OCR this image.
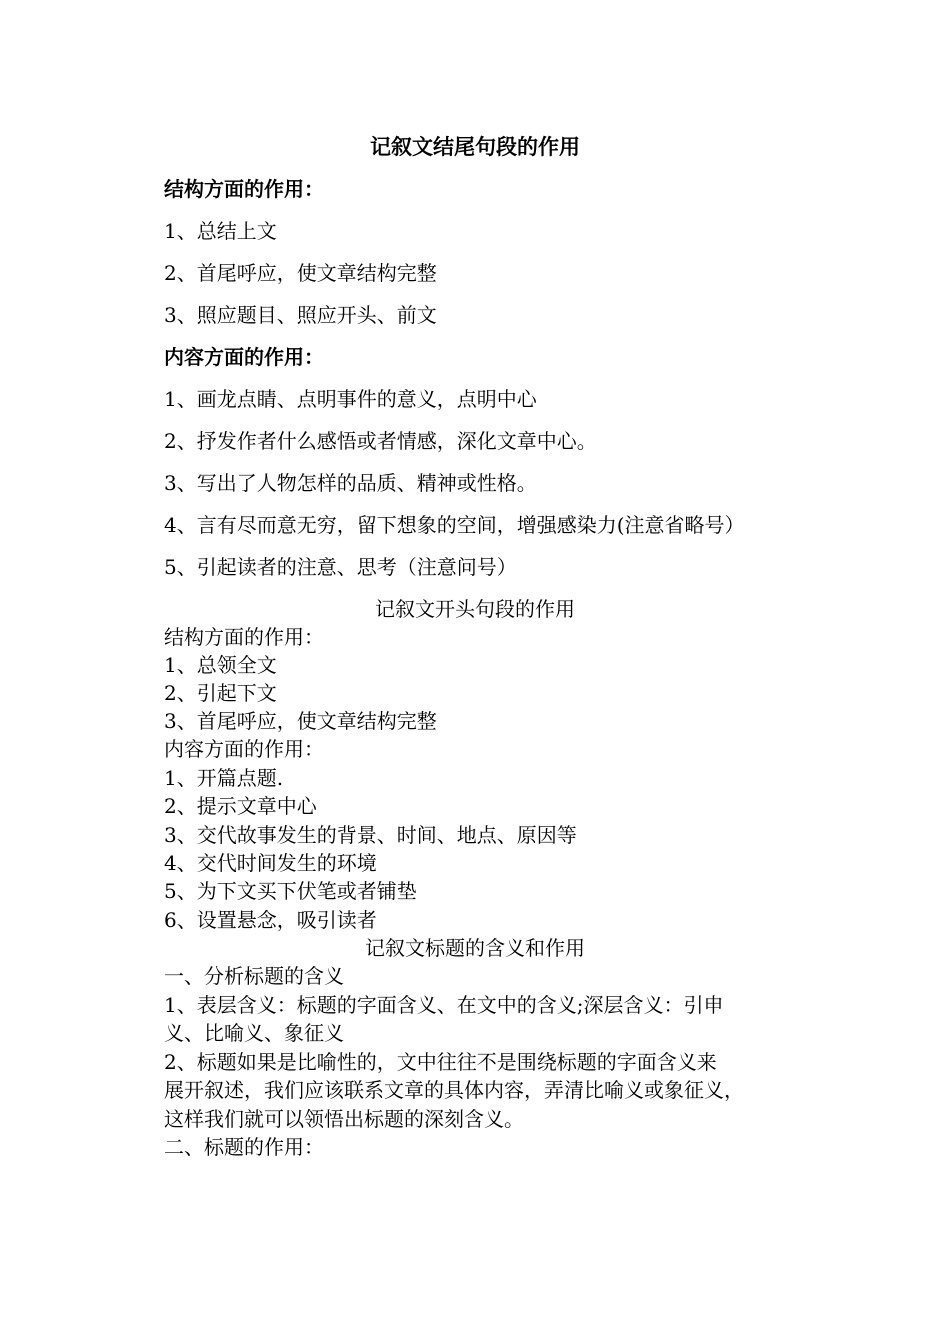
记叙文结尾句段的作用
结构方面的作用：
1、总结上文
2、首尾呼应，使文章结构完整
3、照应题目、照应开头、前文
内容方面的作用：
1、画龙点睛、点明事件的意义，点明中心
2、抒发作者什么感悟或者情感，深化文章中心。
3、写出了人物怎样的品质、精神或性格。
4、言有尽而意无穷，留下想象的空间，增强感染力(注意省略号）
5、引起读者的注意、思考（注意问号）
记叙文开头句段的作用
结构方面的作用：
1、总领全文
2、引起下文
3、首尾呼应，使文章结构完整
内容方面的作用：
1、开篇点题.
2、提示文章中心
3、交代故事发生的背景、时间、地点、原因等
4、交代时间发生的环境
5、为下文买下伏笔或者铺垫
6、设置悬念，吸引读者
记叙文标题的含义和作用
一、分析标题的含义
1、表层含义：标题的字面含义、在文中的含义;深层含义：引申
义、比喻义、象征义
2、标题如果是比喻性的，文中往往不是围绕标题的字面含义来
展开叙述，我们应该联系文章的具体内容，弄清比喻义或象征义，
这样我们就可以领悟出标题的深刻含义。
二、标题的作用：
